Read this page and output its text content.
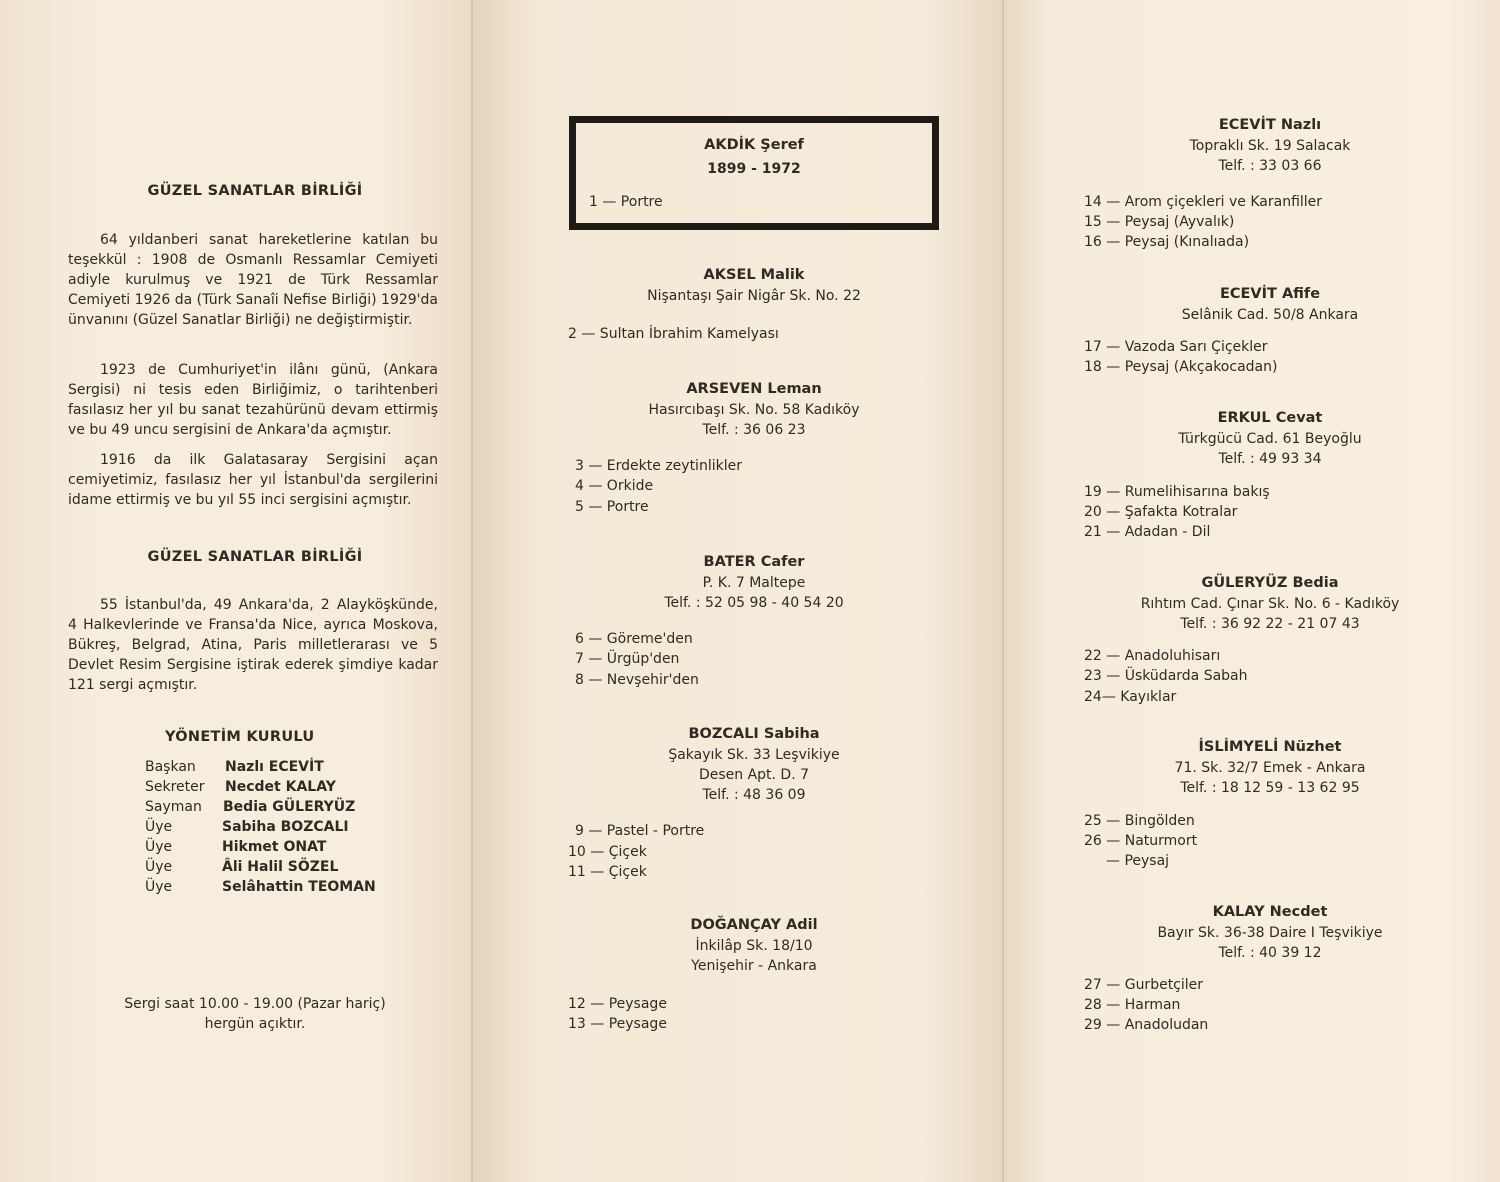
GÜZEL SANATLAR BİRLİĞİ
64 yıldanberi sanat hareketlerine katılan bu teşekkül : 1908 de Osmanlı Ressamlar Cemiyeti adiyle kurulmuş ve 1921 de Türk Ressamlar Cemiyeti 1926 da (Türk Sanaîi Nefise Birliği) 1929'da ünvanını (Güzel Sanatlar Birliği) ne değiştirmiştir.
1923 de Cumhuriyet'in ilânı günü, (Ankara Sergisi) ni tesis eden Birliğimiz, o tarihtenberi fasılasız her yıl bu sanat tezahürünü devam ettirmiş ve bu 49 uncu sergisini de Ankara'da açmıştır.
1916 da ilk Galatasaray Sergisini açan cemiyetimiz, fasılasız her yıl İstanbul'da sergilerini idame ettirmiş ve bu yıl 55 inci sergisini açmıştır.
GÜZEL SANATLAR BİRLİĞİ
55 İstanbul'da, 49 Ankara'da, 2 Alayköşkünde, 4 Halkevlerinde ve Fransa'da Nice, ayrıca Moskova, Bükreş, Belgrad, Atina, Paris milletlerarası ve 5 Devlet Resim Sergisine iştirak ederek şimdiye kadar 121 sergi açmıştır.
YÖNETİM KURULU
Başkan	Nazlı ECEVİT
Sekreter	Necdet KALAY
Sayman	Bedia GÜLERYÜZ
Üye	Sabiha BOZCALI
Üye	Hikmet ONAT
Üye	Âli Halil SÖZEL
Üye	Selâhattin TEOMAN
Sergi saat 10.00 - 19.00 (Pazar hariç)
hergün açıktır.
AKDİK Şeref
1899 - 1972
1 — Portre
AKSEL Malik
Nişantaşı Şair Nigâr Sk. No. 22
2 — Sultan İbrahim Kamelyası
ARSEVEN Leman
Hasırcıbaşı Sk. No. 58 Kadıköy
Telf. : 36 06 23
3 — Erdekte zeytinlikler
4 — Orkide
5 — Portre
BATER Cafer
P. K. 7 Maltepe
Telf. : 52 05 98 - 40 54 20
6 — Göreme'den
7 — Ürgüp'den
8 — Nevşehir'den
BOZCALI Sabiha
Şakayık Sk. 33 Leşvikiye
Desen Apt. D. 7
Telf. : 48 36 09
9 — Pastel - Portre
10 — Çiçek
11 — Çiçek
DOĞANÇAY Adil
İnkilâp Sk. 18/10
Yenişehir - Ankara
12 — Peysage
13 — Peysage
ECEVİT Nazlı
Topraklı Sk. 19 Salacak
Telf. : 33 03 66
14 — Arom çiçekleri ve Karanfiller
15 — Peysaj (Ayvalık)
16 — Peysaj (Kınalıada)
ECEVİT Afife
Selânik Cad. 50/8 Ankara
17 — Vazoda Sarı Çiçekler
18 — Peysaj (Akçakocadan)
ERKUL Cevat
Türkgücü Cad. 61 Beyoğlu
Telf. : 49 93 34
19 — Rumelihisarına bakış
20 — Şafakta Kotralar
21 — Adadan - Dil
GÜLERYÜZ Bedia
Rıhtım Cad. Çınar Sk. No. 6 - Kadıköy
Telf. : 36 92 22 - 21 07 43
22 — Anadoluhisarı
23 — Üsküdarda Sabah
24— Kayıklar
İSLİMYELİ Nüzhet
71. Sk. 32/7 Emek - Ankara
Telf. : 18 12 59 - 13 62 95
25 — Bingölden
26 — Naturmort
— Peysaj
KALAY Necdet
Bayır Sk. 36-38 Daire I Teşvikiye
Telf. : 40 39 12
27 — Gurbetçiler
28 — Harman
29 — Anadoludan
